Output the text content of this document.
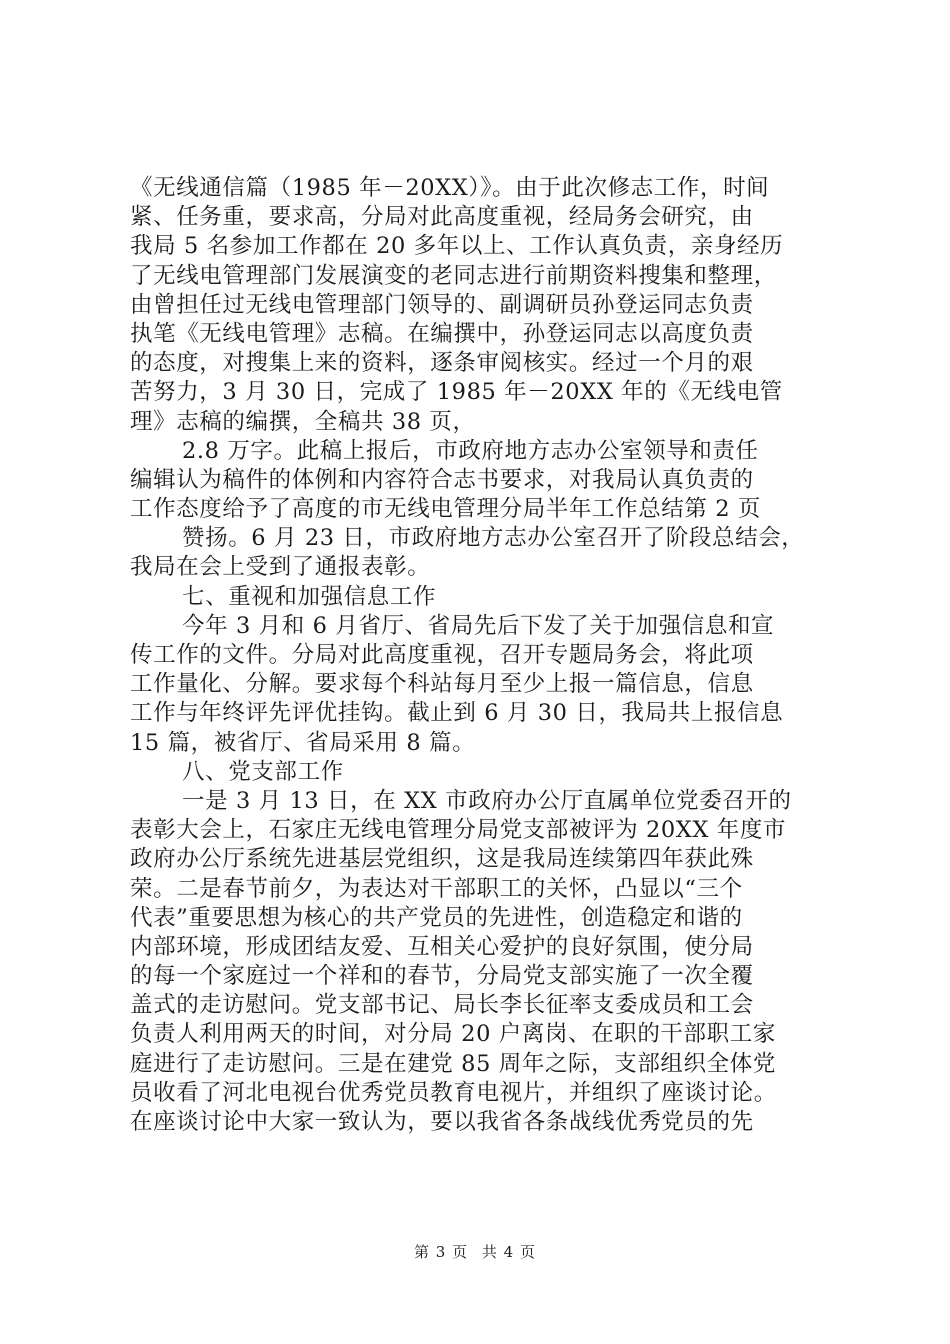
《无线通信篇（1985 年－20XX）》。由于此次修志工作，时间
紧、任务重，要求高，分局对此高度重视，经局务会研究，由
我局 5 名参加工作都在 20 多年以上、工作认真负责，亲身经历
了无线电管理部门发展演变的老同志进行前期资料搜集和整理，
由曾担任过无线电管理部门领导的、副调研员孙登运同志负责
执笔《无线电管理》志稿。在编撰中，孙登运同志以高度负责
的态度，对搜集上来的资料，逐条审阅核实。经过一个月的艰
苦努力，3 月 30 日，完成了 1985 年－20XX 年的《无线电管
理》志稿的编撰，全稿共 38 页，
2.8 万字。此稿上报后，市政府地方志办公室领导和责任
编辑认为稿件的体例和内容符合志书要求，对我局认真负责的
工作态度给予了高度的市无线电管理分局半年工作总结第 2 页
赞扬。6 月 23 日，市政府地方志办公室召开了阶段总结会，
我局在会上受到了通报表彰。
七、重视和加强信息工作
今年 3 月和 6 月省厅、省局先后下发了关于加强信息和宣
传工作的文件。分局对此高度重视，召开专题局务会，将此项
工作量化、分解。要求每个科站每月至少上报一篇信息，信息
工作与年终评先评优挂钩。截止到 6 月 30 日，我局共上报信息
15 篇，被省厅、省局采用 8 篇。
八、党支部工作
一是 3 月 13 日，在 XX 市政府办公厅直属单位党委召开的
表彰大会上，石家庄无线电管理分局党支部被评为 20XX 年度市
政府办公厅系统先进基层党组织，这是我局连续第四年获此殊
荣。二是春节前夕，为表达对干部职工的关怀，凸显以“三个
代表”重要思想为核心的共产党员的先进性，创造稳定和谐的
内部环境，形成团结友爱、互相关心爱护的良好氛围，使分局
的每一个家庭过一个祥和的春节，分局党支部实施了一次全覆
盖式的走访慰问。党支部书记、局长李长征率支委成员和工会
负责人利用两天的时间，对分局 20 户离岗、在职的干部职工家
庭进行了走访慰问。三是在建党 85 周年之际，支部组织全体党
员收看了河北电视台优秀党员教育电视片，并组织了座谈讨论。
在座谈讨论中大家一致认为，要以我省各条战线优秀党员的先
第 3 页 共 4 页
